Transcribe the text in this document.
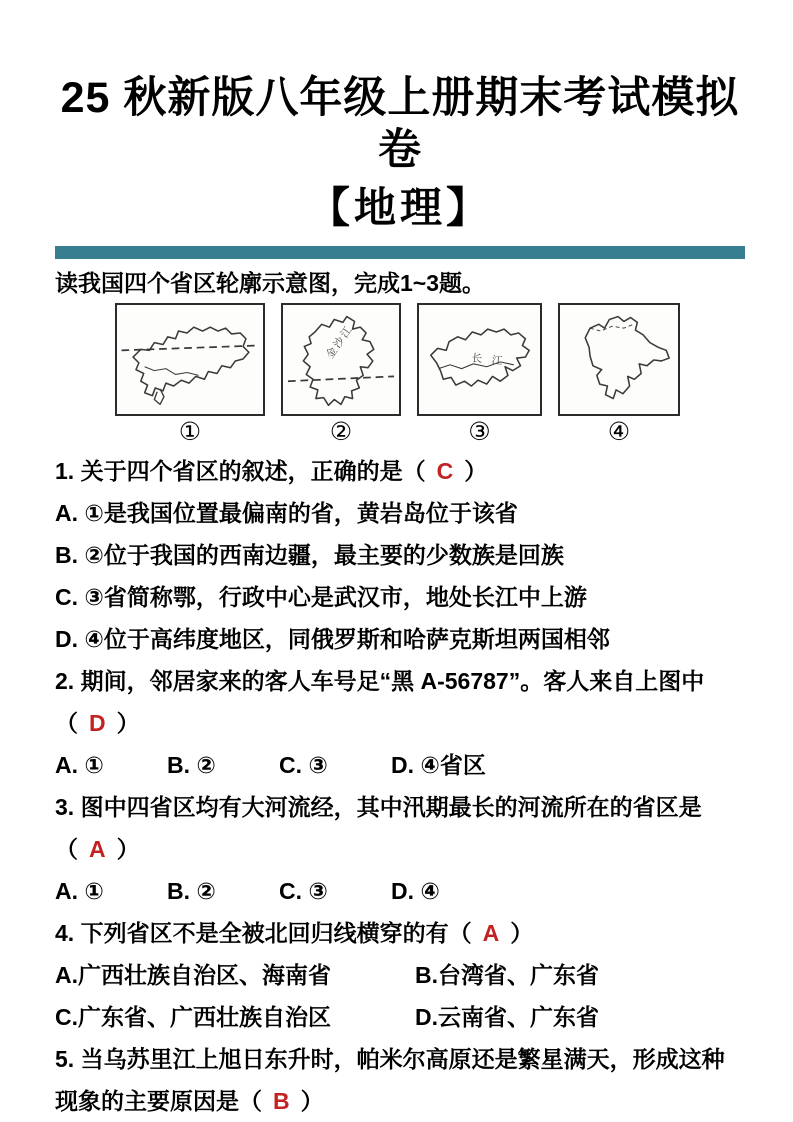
25 秋新版八年级上册期末考试模拟卷
【地理】

读我国四个省区轮廓示意图，完成1~3题。

①
金沙江
②
长江
③	④

1. 关于四个省区的叙述，正确的是（ C ）

A. ①是我国位置最偏南的省，黄岩岛位于该省

B. ②位于我国的西南边疆，最主要的少数族是回族

C. ③省简称鄂，行政中心是武汉市，地处长江中上游

D. ④位于高纬度地区，同俄罗斯和哈萨克斯坦两国相邻

2. 期间，邻居家来的客人车号足“黑 A-56787”。客人来自上图中（ D ）

A. ①	B. ②	C. ③	D. ④省区

3. 图中四省区均有大河流经，其中汛期最长的河流所在的省区是（ A ）

A. ①	B. ②	C. ③	D. ④

4. 下列省区不是全被北回归线横穿的有（ A ）

A.广西壮族自治区、海南省	B.台湾省、广东省

C.广东省、广西壮族自治区	D.云南省、广东省

5. 当乌苏里江上旭日东升时，帕米尔高原还是繁星满天，形成这种现象的主要原因是（ B ）
